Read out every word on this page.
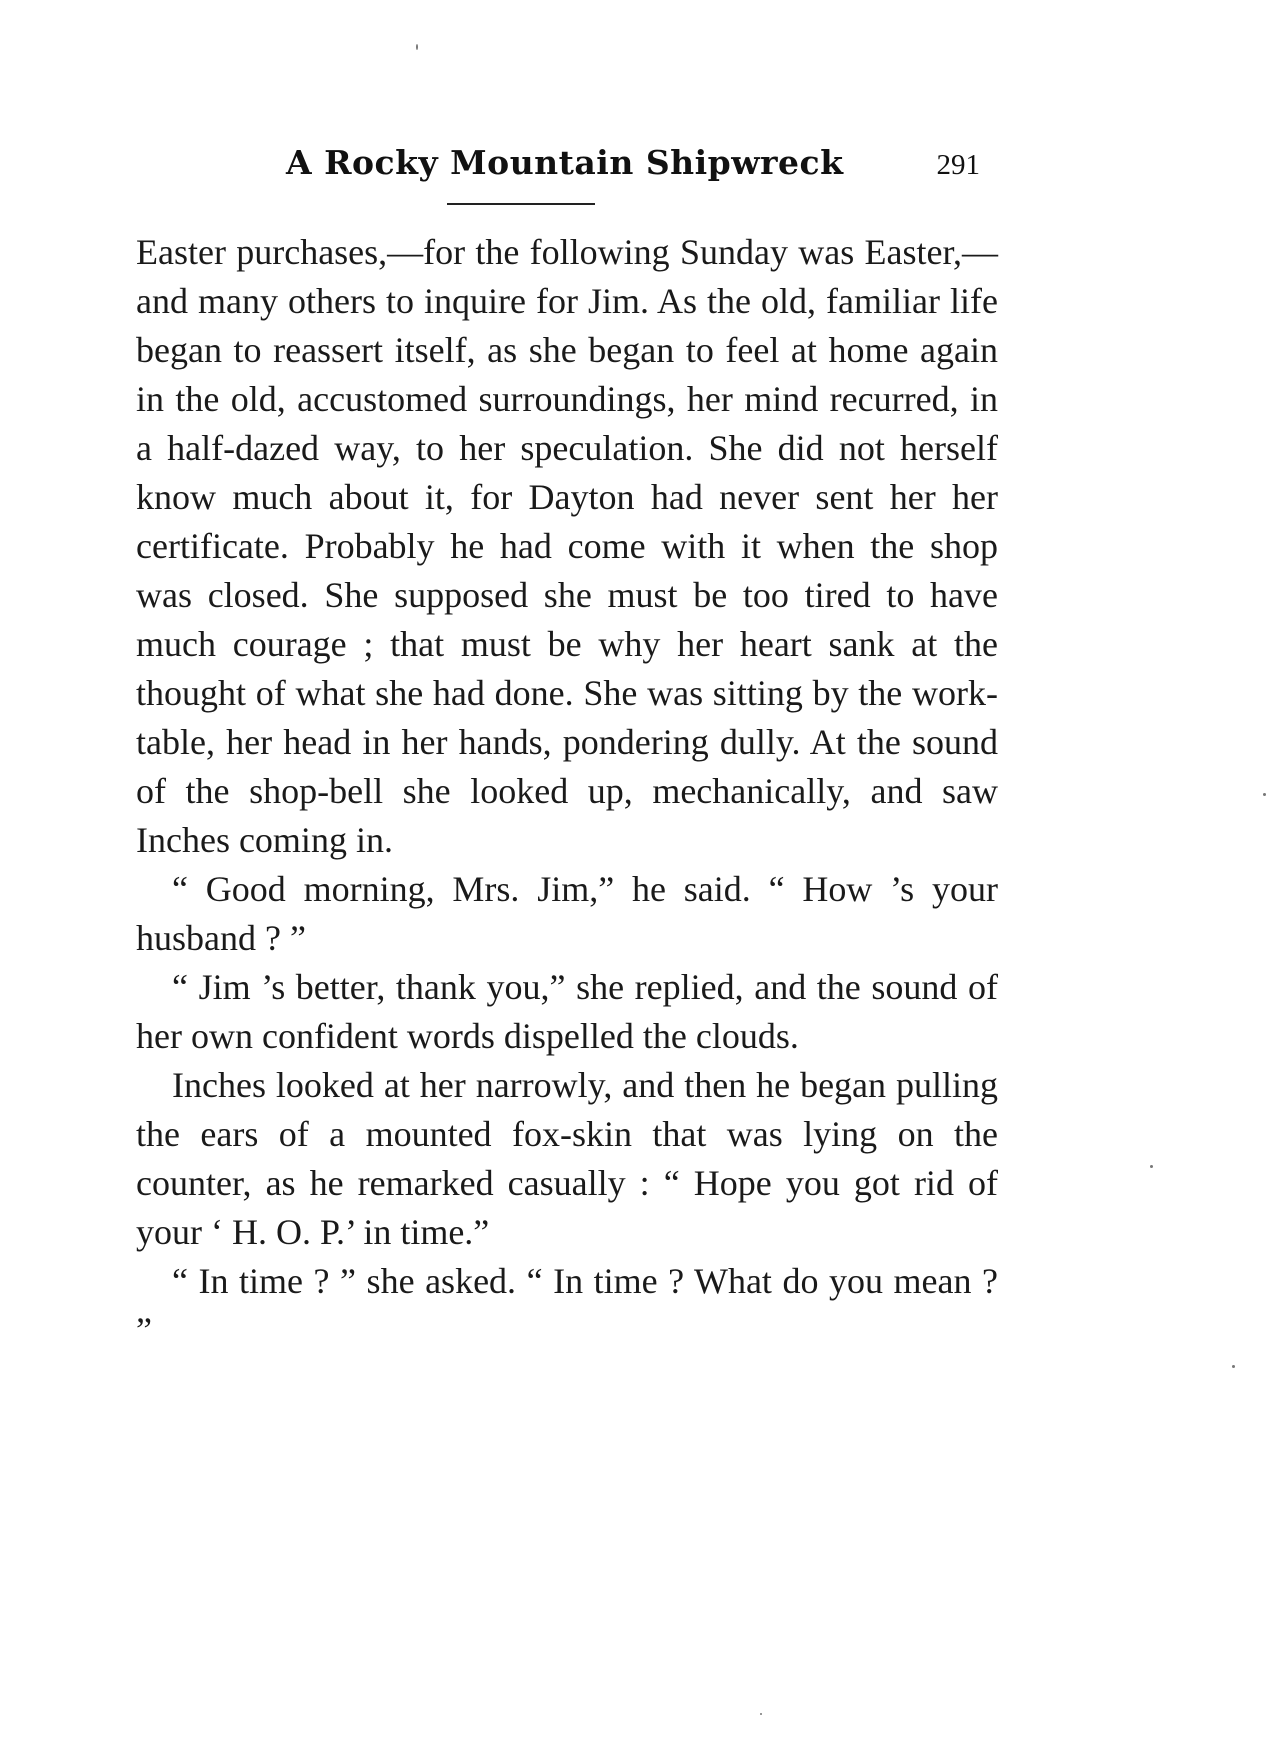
A Rocky Mountain Shipwreck	291

Easter purchases,—for the following Sunday was Easter,—and many others to inquire for Jim. As the old, familiar life began to reassert itself, as she began to feel at home again in the old, accustomed surroundings, her mind recurred, in a half-dazed way, to her speculation. She did not herself know much about it, for Dayton had never sent her her certificate. Probably he had come with it when the shop was closed. She supposed she must be too tired to have much courage ; that must be why her heart sank at the thought of what she had done. She was sitting by the work-table, her head in her hands, pondering dully. At the sound of the shop-bell she looked up, mechanically, and saw Inches coming in.

“ Good morning, Mrs. Jim,” he said. “ How ’s your husband ? ”

“ Jim ’s better, thank you,” she replied, and the sound of her own confident words dispelled the clouds.

Inches looked at her narrowly, and then he began pulling the ears of a mounted fox-skin that was lying on the counter, as he remarked casually : “ Hope you got rid of your ‘ H. O. P.’ in time.”

“ In time ? ” she asked. “ In time ? What do you mean ? ”
